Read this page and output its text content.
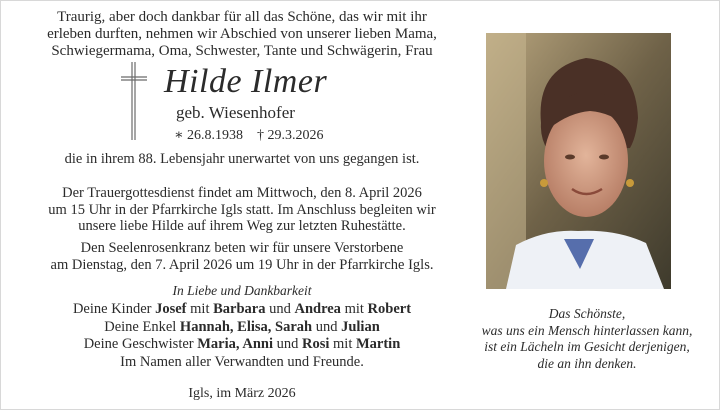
Traurig, aber doch dankbar für all das Schöne, das wir mit ihr
erleben durften, nehmen wir Abschied von unserer lieben Mama,
Schwiegermama, Oma, Schwester, Tante und Schwägerin, Frau
Hilde Ilmer
geb. Wiesenhofer
∗ 26.8.1938 † 29.3.2026
die in ihrem 88. Lebensjahr unerwartet von uns gegangen ist.
Der Trauergottesdienst findet am Mittwoch, den 8. April 2026
um 15 Uhr in der Pfarrkirche Igls statt. Im Anschluss begleiten wir
unsere liebe Hilde auf ihrem Weg zur letzten Ruhestätte.
Den Seelenrosenkranz beten wir für unsere Verstorbene
am Dienstag, den 7. April 2026 um 19 Uhr in der Pfarrkirche Igls.
In Liebe und Dankbarkeit
Deine Kinder Josef mit Barbara und Andrea mit Robert
Deine Enkel Hannah, Elisa, Sarah und Julian
Deine Geschwister Maria, Anni und Rosi mit Martin
Im Namen aller Verwandten und Freunde.
Igls, im März 2026
Das Schönste,
was uns ein Mensch hinterlassen kann,
ist ein Lächeln im Gesicht derjenigen,
die an ihn denken.
